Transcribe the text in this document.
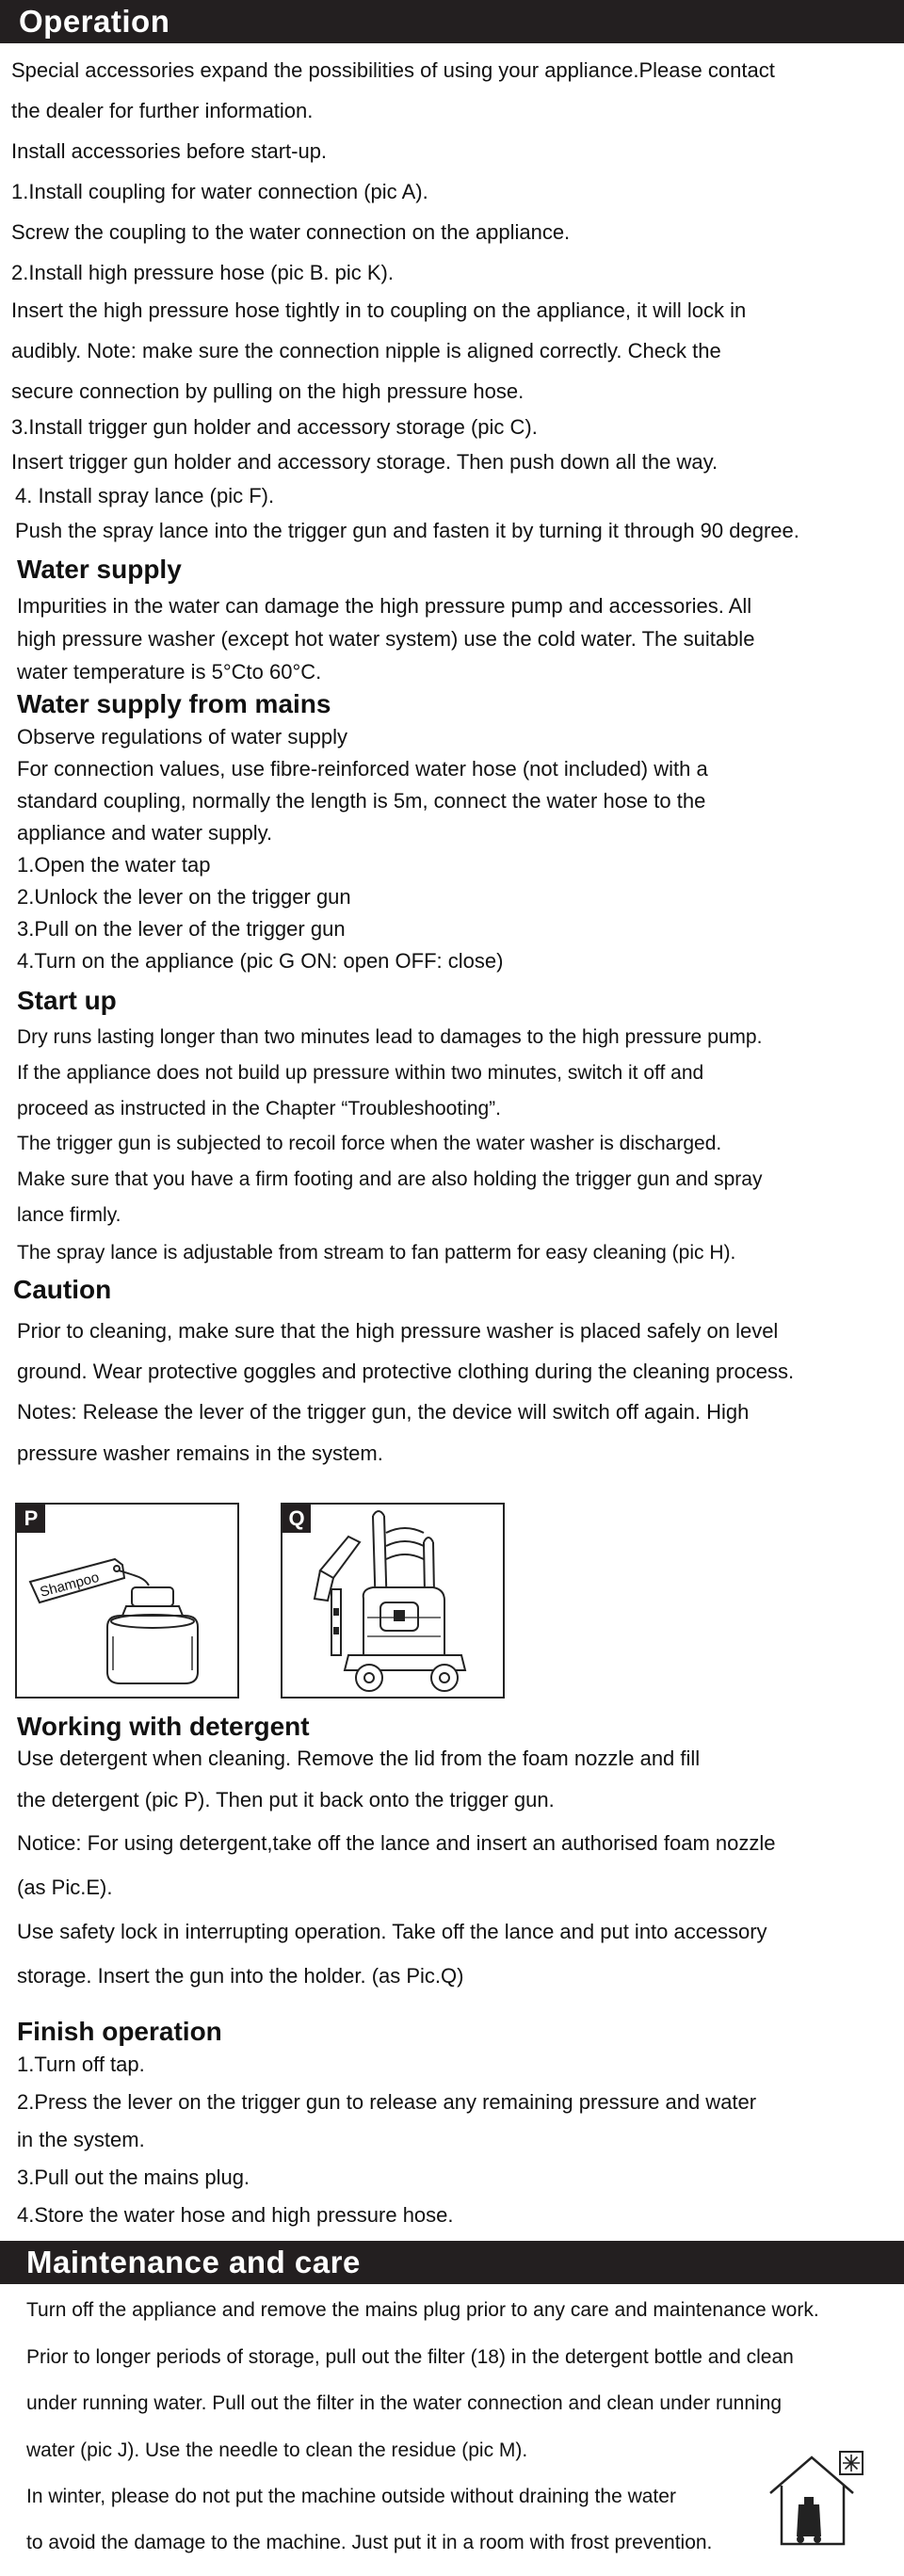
Operation
Special accessories expand the possibilities of using your appliance.Please contact
the dealer for further information.
Install accessories before start-up.
1.Install coupling for water connection (pic A).
Screw the coupling to the water connection on the appliance.
2.Install high pressure hose (pic B. pic K).
Insert the high pressure hose tightly in to coupling on the appliance, it will lock in
audibly. Note: make sure the connection nipple is aligned correctly. Check the
secure connection by pulling on the high pressure hose.
3.Install trigger gun holder and accessory storage (pic C).
Insert trigger gun holder and accessory storage. Then push down all the way.
4. Install spray lance (pic F).
Push the spray lance into the trigger gun and fasten it by turning it through 90 degree.
Water supply
Impurities in the water can damage the high pressure pump and accessories. All
high pressure washer (except hot water system) use the cold water. The suitable
water temperature is 5°Cto 60°C.
Water supply from mains
Observe regulations of water supply
For connection values, use fibre-reinforced water hose (not included) with a
standard coupling, normally the length is 5m, connect the water hose to the
appliance and water supply.
1.Open the water tap
2.Unlock the lever on the trigger gun
3.Pull on the lever of the trigger gun
4.Turn on the appliance (pic G ON: open OFF: close)
Start up
Dry runs lasting longer than two minutes lead to damages to the high pressure pump.
If the appliance does not build up pressure within two minutes, switch it off and
proceed as instructed in the Chapter “Troubleshooting”.
The trigger gun is subjected to recoil force when the water washer is discharged.
Make sure that you have a firm footing and are also holding the trigger gun and spray
lance firmly.
The spray lance is adjustable from stream to fan patterm for easy cleaning (pic H).
Caution
Prior to cleaning, make sure that the high pressure washer is placed safely on level
ground. Wear protective goggles and protective clothing during the cleaning process.
Notes: Release the lever of the trigger gun, the device will switch off again. High
pressure washer remains in the system.
P
Shampoo
Q
Working with detergent
Use detergent when cleaning. Remove the lid from the foam nozzle and fill
the detergent (pic P). Then put it back onto the trigger gun.
Notice: For using detergent,take off the lance and insert an authorised foam nozzle
(as Pic.E).
Use safety lock in interrupting operation. Take off the lance and put into accessory
storage. Insert the gun into the holder. (as Pic.Q)
Finish operation
1.Turn off tap.
2.Press the lever on the trigger gun to release any remaining pressure and water
in the system.
3.Pull out the mains plug.
4.Store the water hose and high pressure hose.
Maintenance and care
Turn off the appliance and remove the mains plug prior to any care and maintenance work.
Prior to longer periods of storage, pull out the filter (18) in the detergent bottle and clean
under running water. Pull out the filter in the water connection and clean under running
water (pic J). Use the needle to clean the residue (pic M).
In winter, please do not put the machine outside without draining the water
to avoid the damage to the machine. Just put it in a room with frost prevention.
